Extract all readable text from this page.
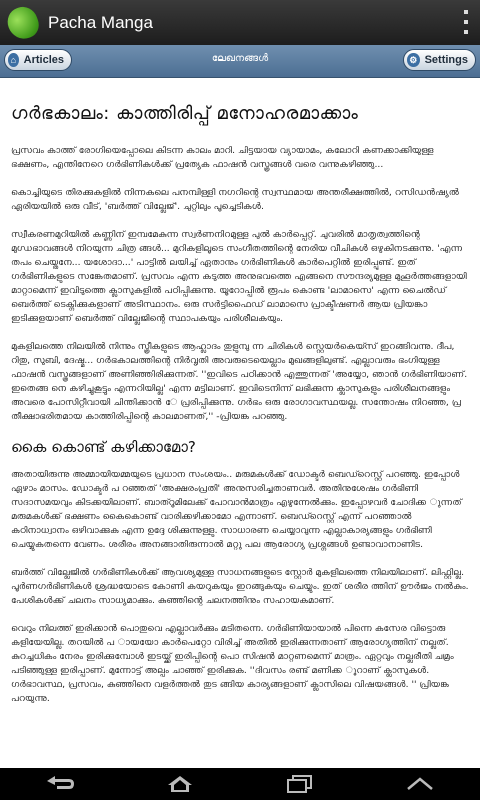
Pacha Manga
⌂ Articles	ലേഖനങ്ങൾ	⚙ Settings
ഗർഭകാലം: കാത്തിരിപ്പ് മനോഹരമാക്കാം

പ്രസവം കാത്ത് രോഗിയെപ്പോലെ കിടന്ന കാലം മാറി. ചിട്ടയായ വ്യായാമം, കലോറി കണക്കാക്കിയുള്ള ഭക്ഷണം, എന്തിനേറെ ഗർഭിണികൾക്ക് പ്രത്യേക ഫാഷൻ വസ്ത്രങ്ങൾ വരെ വന്നുകഴിഞ്ഞു...

കൊച്ചിയുടെ തിരക്കുകളിൽ നിന്നകലെ പനമ്പിള്ളി നഗറിന്റെ സ്വസ്ഥമായ അന്തരീക്ഷത്തിൽ, റസിഡൻഷ്യൽ ഏരിയയിൽ ഒരു വീട്, 'ബർത്ത് വില്ലേജ്'. ചുറ്റിലും പൂച്ചെടികൾ.

സ്വീകരണമുറിയിൽ കണ്ണിന് ഇമ്പമേകുന്ന സ്വർണനിറമുള്ള പുൽ കാർപ്പെറ്റ്. ചുവരിൽ മാതൃത്വത്തിന്റെ മുഗ്ധഭാവങ്ങൾ നിറയുന്ന ചിത്ര ങ്ങൾ... മുറികളിലൂടെ സംഗീതത്തിന്റെ നേരിയ വീചികൾ ഒഴുകിനടക്കുന്നു. 'എന്ന തപം ചെയ്തനേ... യശോദാ...' പാട്ടിൽ ലയിച്ച് ഏതാനും ഗർഭിണികൾ കാർപെറ്റിൽ ഇരിപ്പുണ്ട്. ഇത് ഗർഭിണികളുടെ സങ്കേതമാണ്. പ്രസവം എന്ന കടുത്ത അനുഭവത്തെ എങ്ങനെ സൗന്ദര്യമുള്ള മുഹൂർത്തങ്ങളായി മാറ്റാമെന്ന് ഇവിടുത്തെ ക്ലാസുകളിൽ പഠിപ്പിക്കുന്നു. യൂറോപ്പിൽ രൂപം കൊണ്ട 'ലാമാസെ' എന്ന ചൈൽഡ് ബെർത്ത് ടെക്നിക്കുകളാണ് അടിസ്ഥാനം. ഒരു സർട്ടിഫൈഡ് ലാമാസെ പ്രാക്ടീഷണർ ആയ പ്രിയങ്കാ ഇടിക്കുളയാണ് ബെർത്ത് വില്ലേജിന്റെ സ്ഥാപകയും പരിശീലകയും.

മുകളിലത്തെ നിലയിൽ നിന്നും സ്ത്രീകളുടെ ആഹ്ലാദം തുളുമ്പു ന്ന ചിരികൾ സ്റ്റെയർകെയ്സ് ഇറങ്ങിവന്നു. ദീപ, റിതു, സുബി, ദേഷ്മ... ഗർഭകാലത്തിന്റെ നിർവൃതി അവരുടെയെല്ലാം മുഖങ്ങളിലുണ്ട്. എല്ലാവരും ഭംഗിയുള്ള ഫാഷൻ വസ്ത്രങ്ങളാണ് അണിഞ്ഞിരിക്കുന്നത്. ''ഇവിടെ പഠിക്കാൻ എത്തുന്നത് 'അയ്യോ, ഞാൻ ഗർഭിണിയാണ്. ഇതെങ്ങ നെ കഴിച്ചുകൂട്ടും എന്നറിയില്ല' എന്ന മട്ടിലാണ്. ഇവിടെനിന്ന് ലഭിക്കുന്ന ക്ലാസുകളും പരിശീലനങ്ങളും അവരെ പോസിറ്റീവായി ചിന്തിക്കാൻ േ പ്രരിപ്പിക്കുന്നു. ഗർഭം ഒരു രോഗാവസ്ഥയല്ല. സന്തോഷം നിറഞ്ഞ, പ്ര തീക്ഷാഭരിതമായ കാത്തിരിപ്പിന്റെ കാലമാണത്,'' -പ്രിയങ്ക പറഞ്ഞു.

കൈ കൊണ്ട് കഴിക്കാമോ?

അതായിരുന്നു അമ്മായിയമ്മയുടെ പ്രധാന സംശയം.. മരുമകൾക്ക് ഡോക്ടർ ബെഡ്റെസ്റ്റ് പറഞ്ഞു. ഇപ്പോൾ ഏഴാം മാസം. ഡോക്ടർ പ റഞ്ഞത് 'അക്ഷരംപ്രതി' അനുസരിച്ചതാണവർ. അതിനുശേഷം ഗർഭിണി സദാസമയവും കിടക്കയിലാണ്. ബാത്റൂമിലേക്ക് പോവാൻമാത്രം എഴുന്നേൽക്കും. ഇപ്പോഴവർ ചോദിക്ക ുന്നത് മരുമകൾക്ക് ഭക്ഷണം കൈകൊണ്ട് വാരിക്കഴിക്കാമോ എന്നാണ്. ബെഡ്റെസ്റ്റ് എന്ന് പറഞ്ഞാൽ കഠിനാധ്വാനം ഒഴിവാക്കുക എന്ന ഉദ്ദേ ശിക്കുന്നുള്ളു. സാധാരണ ചെയ്യാവുന്ന എല്ലാകാര്യങ്ങളും ഗർഭിണി ചെയ്യുകതന്നെ വേണം. ശരീരം അനങ്ങാതിരുന്നാൽ മറ്റു പല ആരോഗ്യ പ്രശ്നങ്ങൾ ഉണ്ടാവാനാണിട.

ബർത്ത് വില്ലേജിൽ ഗർഭിണികൾക്ക് ആവശ്യമുള്ള സാധനങ്ങളുടെ സ്റ്റോർ മുകളിലത്തെ നിലയിലാണ്. ലിഫ്റ്റില്ല. പൂർണഗർഭിണികൾ ശ്രദ്ധയോടെ കോണി കയറുകയും ഇറങ്ങുകയും ചെയ്യും. ഇത് ശരീര ത്തിന് ഊർജം നൽകും. പേശികൾക്ക് ചലനം സാധ്യമാക്കും. കുഞ്ഞിന്റെ ചലനത്തിനും സഹായകമാണ്.

വെറും നിലത്ത് ഇരിക്കാൻ പൊതുവെ എല്ലാവർക്കും മടിതന്നെ. ഗർഭിണിയായാൽ പിന്നെ കസേര വിട്ടൊരു കളിയേയില്ല. തറയിൽ പ ായയോ കാർപെറ്റോ വിരിച്ച് അതിൽ ഇരിക്കുന്നതാണ് ആരോഗ്യത്തിന് നല്ലത്. കുറച്ചധികം നേരം ഇരിക്കുമ്പോൾ ഇടയ്ക്ക് ഇരിപ്പിന്റെ പൊ സിഷൻ മാറ്റണമെന്ന് മാത്രം. ഏറ്റവും നല്ലരീതി ചമ്രം പടിഞ്ഞുള്ള ഇരിപ്പാണ്. മുന്നോട്ട് അല്പം ചാഞ്ഞ് ഇരിക്കുക. ''ദിവസം രണ്ട് മണിക്ക ൂറാണ് ക്ലാസുകൾ. ഗർഭാവസ്ഥ, പ്രസവം, കുഞ്ഞിനെ വളർത്തൽ തുട ങ്ങിയ കാര്യങ്ങളാണ് ക്ലാസിലെ വിഷയങ്ങൾ. '' പ്രിയങ്ക പറയുന്നു.
